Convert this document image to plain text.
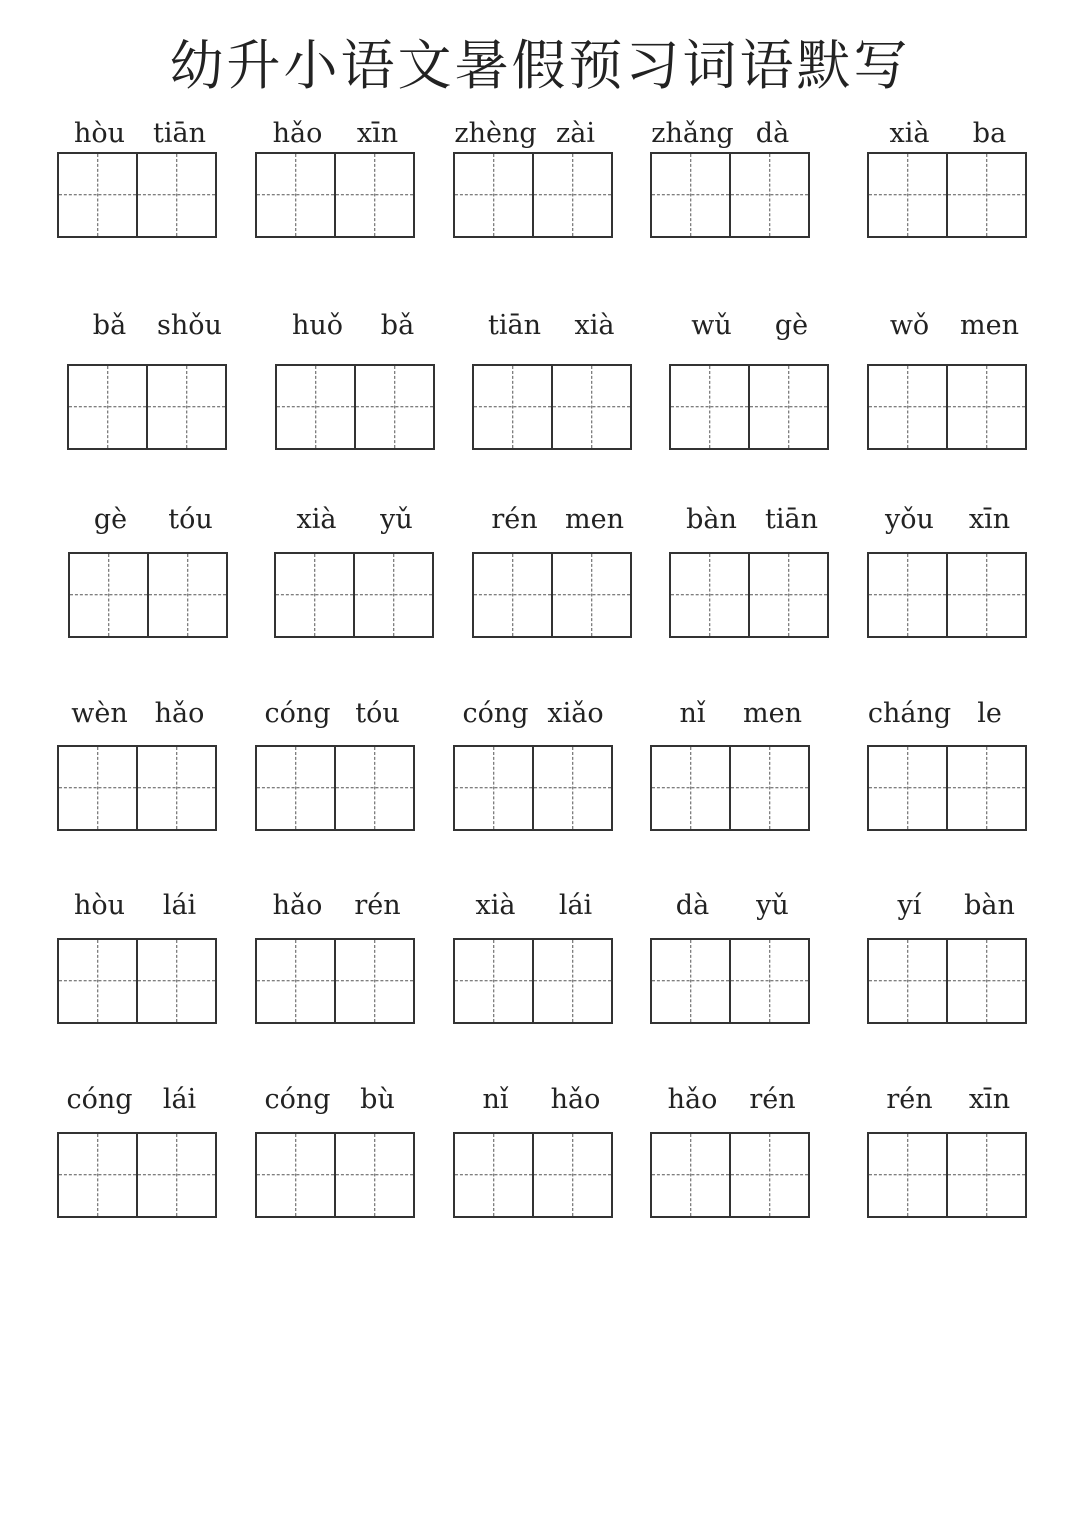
幼升小语文暑假预习词语默写
hòu	tiān	hǎo	xīn	zhèng zài	zhǎng dà	xià	ba
bǎ	shǒu	huǒ	bǎ	tiān	xià	wǔ	gè	wǒ	men
gè	tóu	xià	yǔ	rén	men	bàn	tiān	yǒu	xīn
wèn hǎo	cóng tóu	cóng xiǎo	nǐ	men	cháng le
hòu	lái	hǎo	rén	xià	lái	dà	yǔ	yí	bàn
cóng	lái	cóng	bù	nǐ	hǎo	hǎo	rén	rén	xīn
